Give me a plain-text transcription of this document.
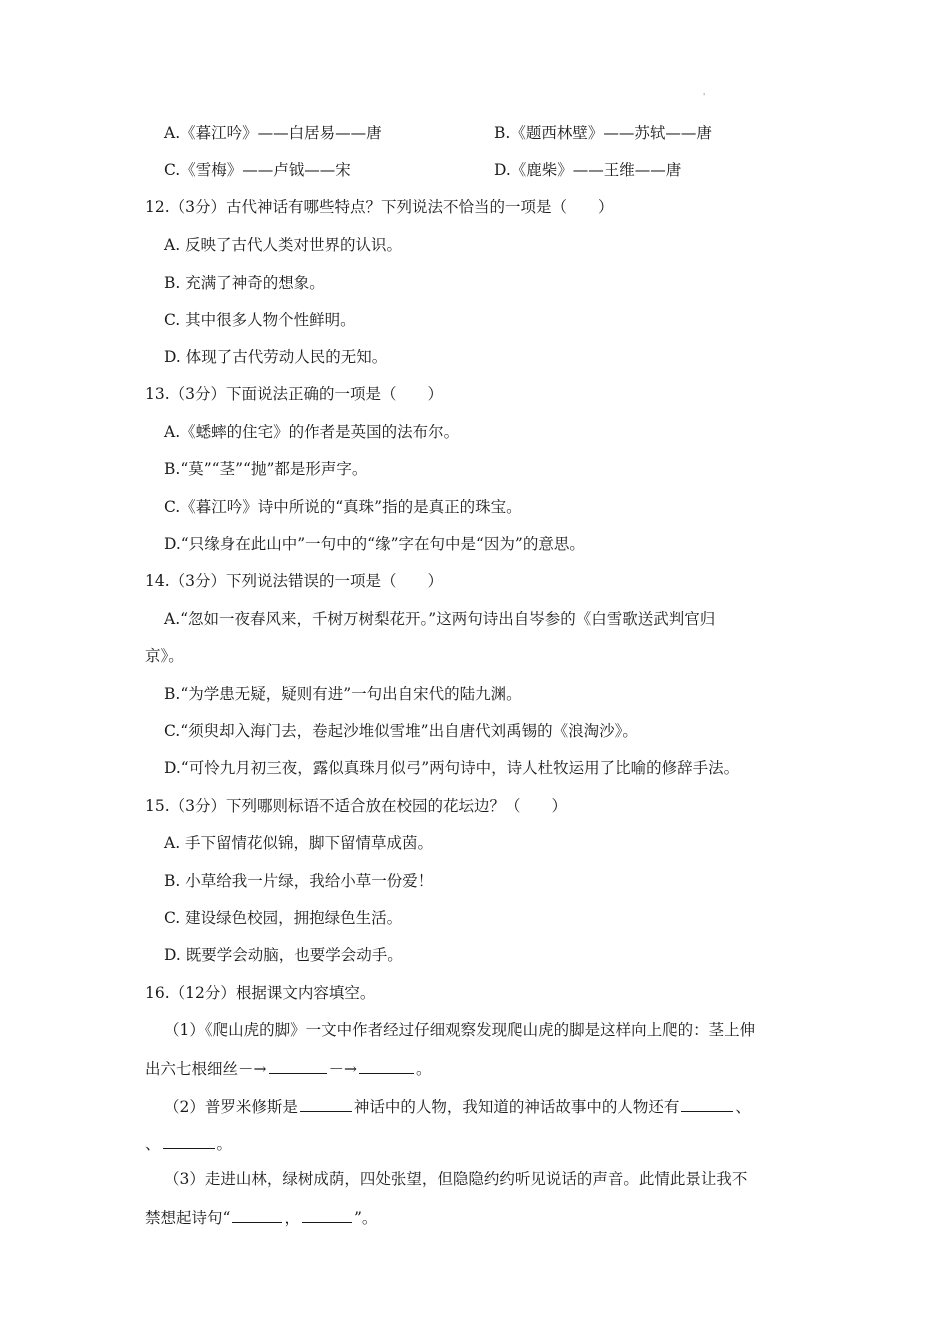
'
A.《暮江吟》——白居易——唐	B.《题西林壁》——苏轼——唐
C.《雪梅》——卢钺——宋	D.《鹿柴》——王维——唐
12.（3分）古代神话有哪些特点？下列说法不恰当的一项是（　　）
A. 反映了古代人类对世界的认识。
B. 充满了神奇的想象。
C. 其中很多人物个性鲜明。
D. 体现了古代劳动人民的无知。
13.（3分）下面说法正确的一项是（　　）
A.《蟋蟀的住宅》的作者是英国的法布尔。
B.“莫”“茎”“抛”都是形声字。
C.《暮江吟》诗中所说的“真珠”指的是真正的珠宝。
D.“只缘身在此山中”一句中的“缘”字在句中是“因为”的意思。
14.（3分）下列说法错误的一项是（　　）
A.“忽如一夜春风来，千树万树梨花开。”这两句诗出自岑参的《白雪歌送武判官归
京》。
B.“为学患无疑，疑则有进”一句出自宋代的陆九渊。
C.“须臾却入海门去，卷起沙堆似雪堆”出自唐代刘禹锡的《浪淘沙》。
D.“可怜九月初三夜，露似真珠月似弓”两句诗中，诗人杜牧运用了比喻的修辞手法。
15.（3分）下列哪则标语不适合放在校园的花坛边？（　　）
A. 手下留情花似锦，脚下留情草成茵。
B. 小草给我一片绿，我给小草一份爱！
C. 建设绿色校园，拥抱绿色生活。
D. 既要学会动脑，也要学会动手。
16.（12分）根据课文内容填空。
（1）《爬山虎的脚》一文中作者经过仔细观察发现爬山虎的脚是这样向上爬的：茎上伸
出六七根细丝－→	－→	。
（2）普罗米修斯是	神话中的人物，我知道的神话故事中的人物还有	、
、	。
（3）走进山林，绿树成荫，四处张望，但隐隐约约听见说话的声音。此情此景让我不
禁想起诗句“	，	”。
